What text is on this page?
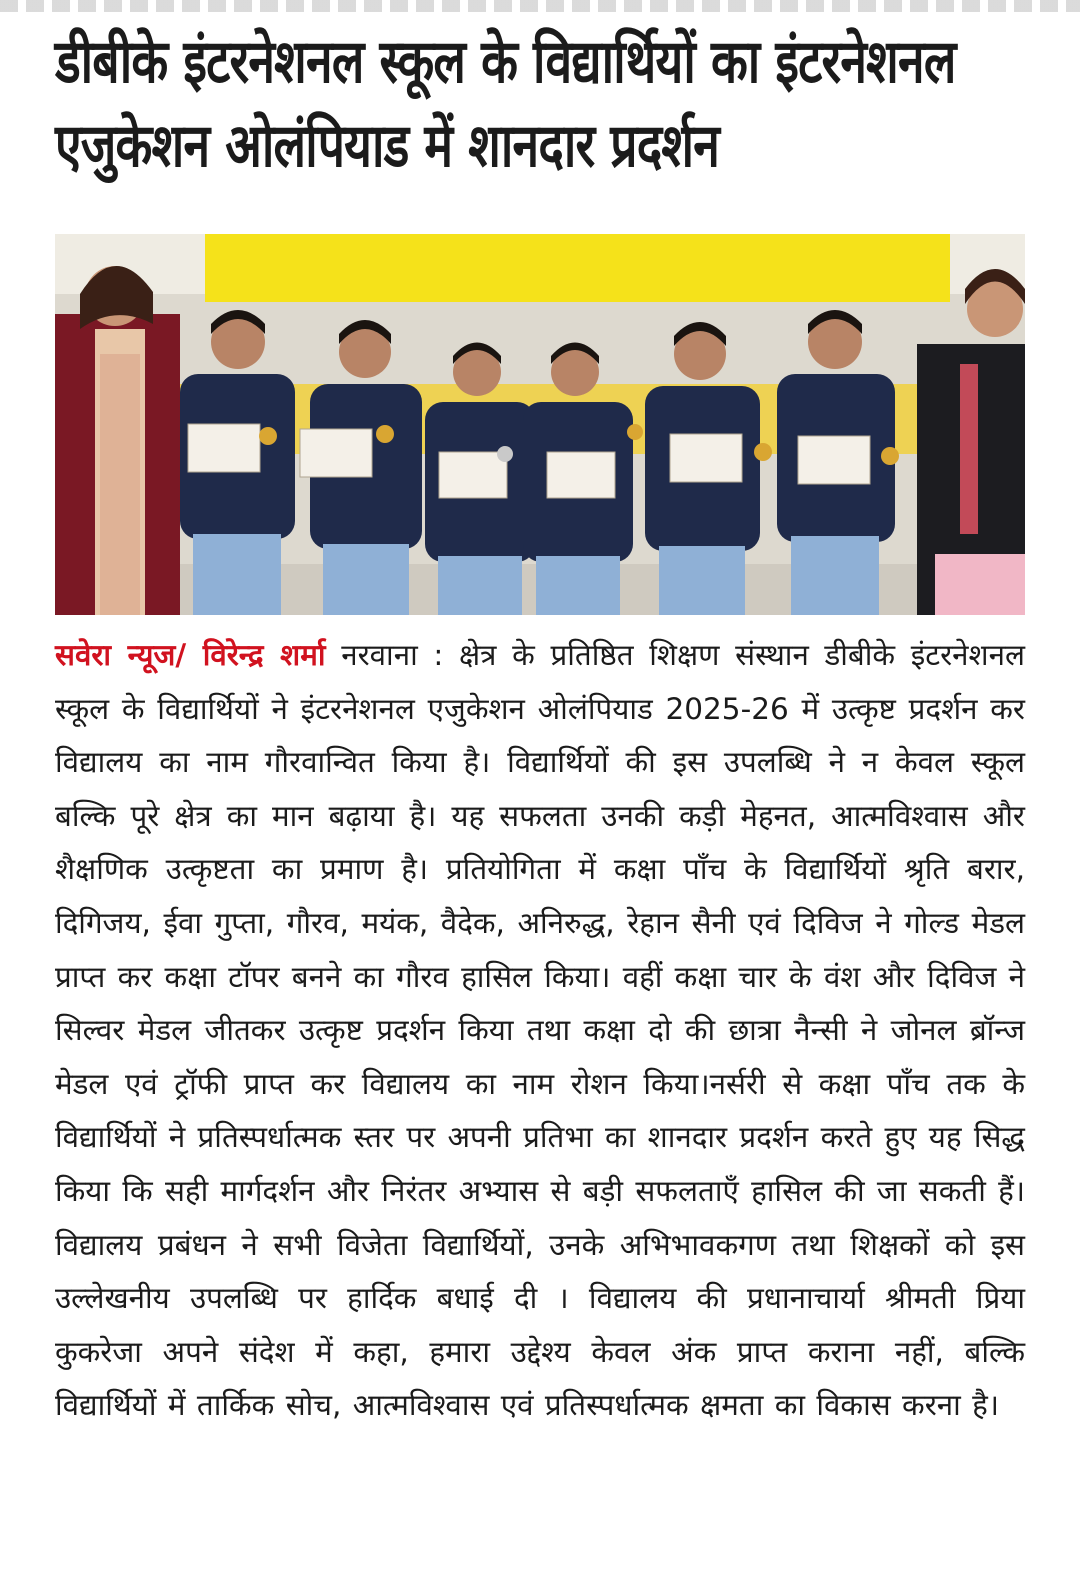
डीबीके इंटरनेशनल स्कूल के विद्यार्थियों का इंटरनेशनल
एजुकेशन ओलंपियाड में शानदार प्रदर्शन

सवेरा न्यूज/ विरेन्द्र शर्मा नरवाना : क्षेत्र के प्रतिष्ठित शिक्षण संस्थान डीबीके इंटरनेशनल स्कूल के विद्यार्थियों ने इंटरनेशनल एजुकेशन ओलंपियाड 2025-26 में उत्कृष्ट प्रदर्शन कर विद्यालय का नाम गौरवान्वित किया है। विद्यार्थियों की इस उपलब्धि ने न केवल स्कूल बल्कि पूरे क्षेत्र का मान बढ़ाया है। यह सफलता उनकी कड़ी मेहनत, आत्मविश्वास और शैक्षणिक उत्कृष्टता का प्रमाण है। प्रतियोगिता में कक्षा पाँच के विद्यार्थियों श्रृति बरार, दिगिजय, ईवा गुप्ता, गौरव, मयंक, वैदेक, अनिरुद्ध, रेहान सैनी एवं दिविज ने गोल्ड मेडल प्राप्त कर कक्षा टॉपर बनने का गौरव हासिल किया। वहीं कक्षा चार के वंश और दिविज ने सिल्वर मेडल जीतकर उत्कृष्ट प्रदर्शन किया तथा कक्षा दो की छात्रा नैन्सी ने जोनल ब्रॉन्ज मेडल एवं ट्रॉफी प्राप्त कर विद्यालय का नाम रोशन किया।नर्सरी से कक्षा पाँच तक के विद्यार्थियों ने प्रतिस्पर्धात्मक स्तर पर अपनी प्रतिभा का शानदार प्रदर्शन करते हुए यह सिद्ध किया कि सही मार्गदर्शन और निरंतर अभ्यास से बड़ी सफलताएँ हासिल की जा सकती हैं।विद्यालय प्रबंधन ने सभी विजेता विद्यार्थियों, उनके अभिभावकगण तथा शिक्षकों को इस उल्लेखनीय उपलब्धि पर हार्दिक बधाई दी । विद्यालय की प्रधानाचार्या श्रीमती प्रिया कुकरेजा अपने संदेश में कहा, हमारा उद्देश्य केवल अंक प्राप्त कराना नहीं, बल्कि विद्यार्थियों में तार्किक सोच, आत्मविश्वास एवं प्रतिस्पर्धात्मक क्षमता का विकास करना है।
